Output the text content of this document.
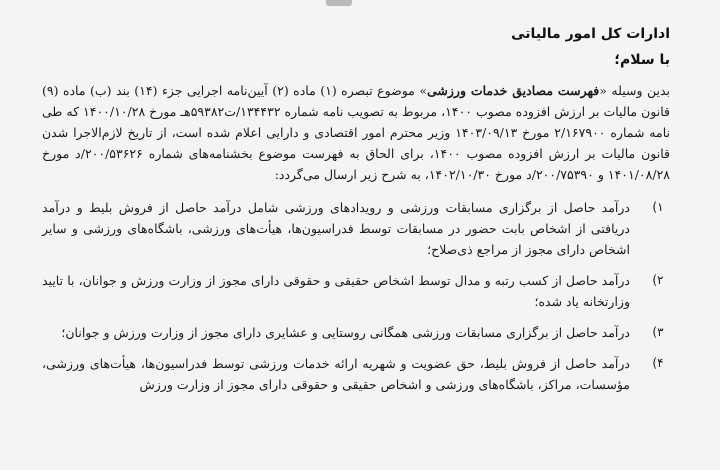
ادارات کل امور مالیاتی
با سلام؛

بدین وسیله «فهرست مصادیق خدمات ورزشی» موضوع تبصره (۱) ماده (۲) آیین‌نامه اجرایی جزء (۱۴) بند (ب) ماده (۹) قانون مالیات بر ارزش افزوده مصوب ۱۴۰۰، مربوط به تصویب نامه شماره ۱۳۴۴۳۲/ت۵۹۳۸۲هـ مورخ ۱۴۰۰/۱۰/۲۸ که طی نامه شماره ۲/۱۶۷۹۰۰ مورخ ۱۴۰۳/۰۹/۱۳ وزیر محترم امور اقتصادی و دارایی اعلام شده است، از تاریخ لازم‌الاجرا شدن قانون مالیات بر ارزش افزوده مصوب ۱۴۰۰، برای الحاق به فهرست موضوع بخشنامه‌های شماره ۲۰۰/۵۳۶۲۶/د مورخ ۱۴۰۱/۰۸/۲۸ و ۲۰۰/۷۵۳۹۰/د مورخ ۱۴۰۲/۱۰/۳۰، به شرح زیر ارسال می‌گردد:

۱)
درآمد حاصل از برگزاری مسابقات ورزشی و رویدادهای ورزشی شامل درآمد حاصل از فروش بلیط و درآمد دریافتی از اشخاص بابت حضور در مسابقات توسط فدراسیون‌ها، هیأت‌های ورزشی، باشگاه‌های ورزشی و سایر اشخاص دارای مجوز از مراجع ذی‌صلاح؛
۲)
درآمد حاصل از کسب رتبه و مدال توسط اشخاص حقیقی و حقوقی دارای مجوز از وزارت ورزش و جوانان، با تایید وزارتخانه یاد شده؛
۳)
درآمد حاصل از برگزاری مسابقات ورزشی همگانی روستایی و عشایری دارای مجوز از وزارت ورزش و جوانان؛
۴)
درآمد حاصل از فروش بلیط، حق عضویت و شهریه ارائه خدمات ورزشی توسط فدراسیون‌ها، هیأت‌های ورزشی، مؤسسات، مراکز، باشگاه‌های ورزشی و اشخاص حقیقی و حقوقی دارای مجوز از وزارت ورزش
